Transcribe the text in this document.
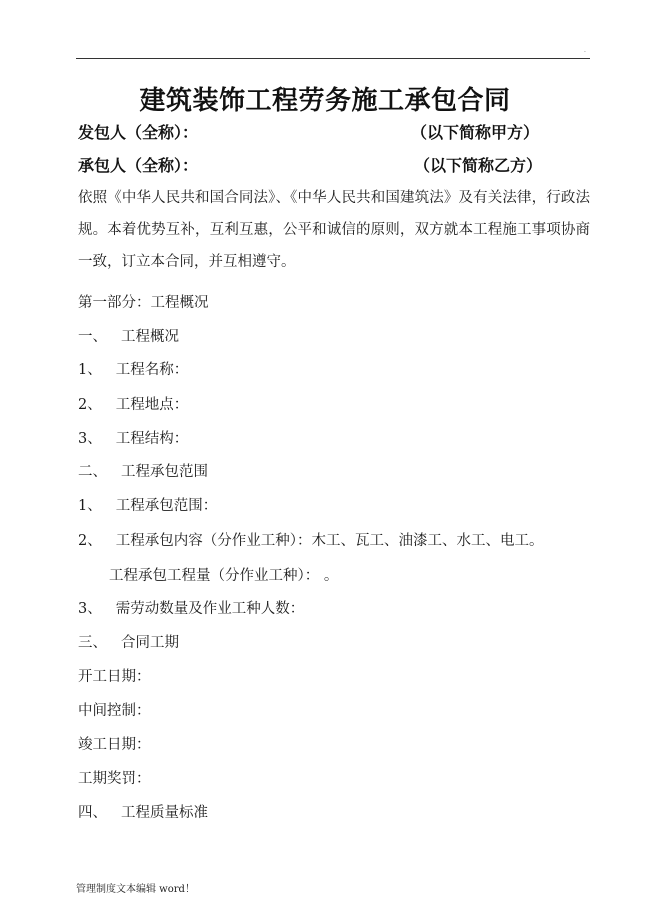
.
建筑装饰工程劳务施工承包合同
发包人（全称）：	（以下简称甲方）
承包人（全称）：	（以下简称乙方）
依照《中华人民共和国合同法》、《中华人民共和国建筑法》及有关法律，行政法规。本着优势互补，互利互惠，公平和诚信的原则，双方就本工程施工事项协商一致，订立本合同，并互相遵守。
第一部分：工程概况
一、 工程概况
1、 工程名称：
2、 工程地点：
3、 工程结构：
二、 工程承包范围
1、 工程承包范围：
2、 工程承包内容（分作业工种）：木工、瓦工、油漆工、水工、电工。
工程承包工程量（分作业工种）： 。
3、 需劳动数量及作业工种人数：
三、 合同工期
开工日期：
中间控制：
竣工日期：
工期奖罚：
四、 工程质量标准
管理制度文本编辑 word！
